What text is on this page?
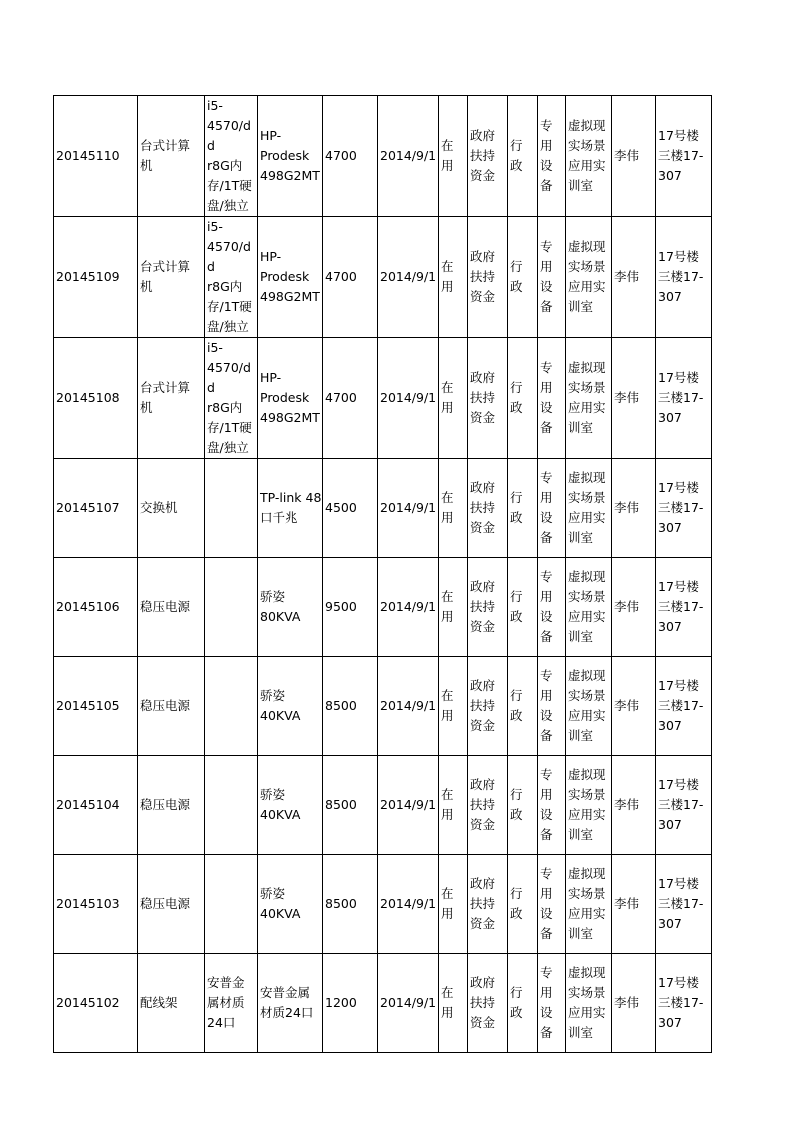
20145110	台式计算
机	i5-
4570/dd
r8G内
存/1T硬
盘/独立	HP-
Prodesk
498G2MT	4700	2014/9/1	在
用	政府
扶持
资金	行
政	专
用
设
备	虚拟现
实场景
应用实
训室	李伟	17号楼
三楼17-
307

20145109	台式计算
机	i5-
4570/dd
r8G内
存/1T硬
盘/独立	HP-
Prodesk
498G2MT	4700	2014/9/1	在
用	政府
扶持
资金	行
政	专
用
设
备	虚拟现
实场景
应用实
训室	李伟	17号楼
三楼17-
307

20145108	台式计算
机	i5-
4570/dd
r8G内
存/1T硬
盘/独立	HP-
Prodesk
498G2MT	4700	2014/9/1	在
用	政府
扶持
资金	行
政	专
用
设
备	虚拟现
实场景
应用实
训室	李伟	17号楼
三楼17-
307

20145107	交换机		TP-link 48
口千兆	4500	2014/9/1	在
用	政府
扶持
资金	行
政	专
用
设
备	虚拟现
实场景
应用实
训室	李伟	17号楼
三楼17-
307

20145106	稳压电源		骄姿
80KVA	9500	2014/9/1	在
用	政府
扶持
资金	行
政	专
用
设
备	虚拟现
实场景
应用实
训室	李伟	17号楼
三楼17-
307

20145105	稳压电源		骄姿
40KVA	8500	2014/9/1	在
用	政府
扶持
资金	行
政	专
用
设
备	虚拟现
实场景
应用实
训室	李伟	17号楼
三楼17-
307

20145104	稳压电源		骄姿
40KVA	8500	2014/9/1	在
用	政府
扶持
资金	行
政	专
用
设
备	虚拟现
实场景
应用实
训室	李伟	17号楼
三楼17-
307

20145103	稳压电源		骄姿
40KVA	8500	2014/9/1	在
用	政府
扶持
资金	行
政	专
用
设
备	虚拟现
实场景
应用实
训室	李伟	17号楼
三楼17-
307

20145102	配线架	安普金
属材质
24口	安普金属
材质24口	1200	2014/9/1	在
用	政府
扶持
资金	行
政	专
用
设
备	虚拟现
实场景
应用实
训室	李伟	17号楼
三楼17-
307
